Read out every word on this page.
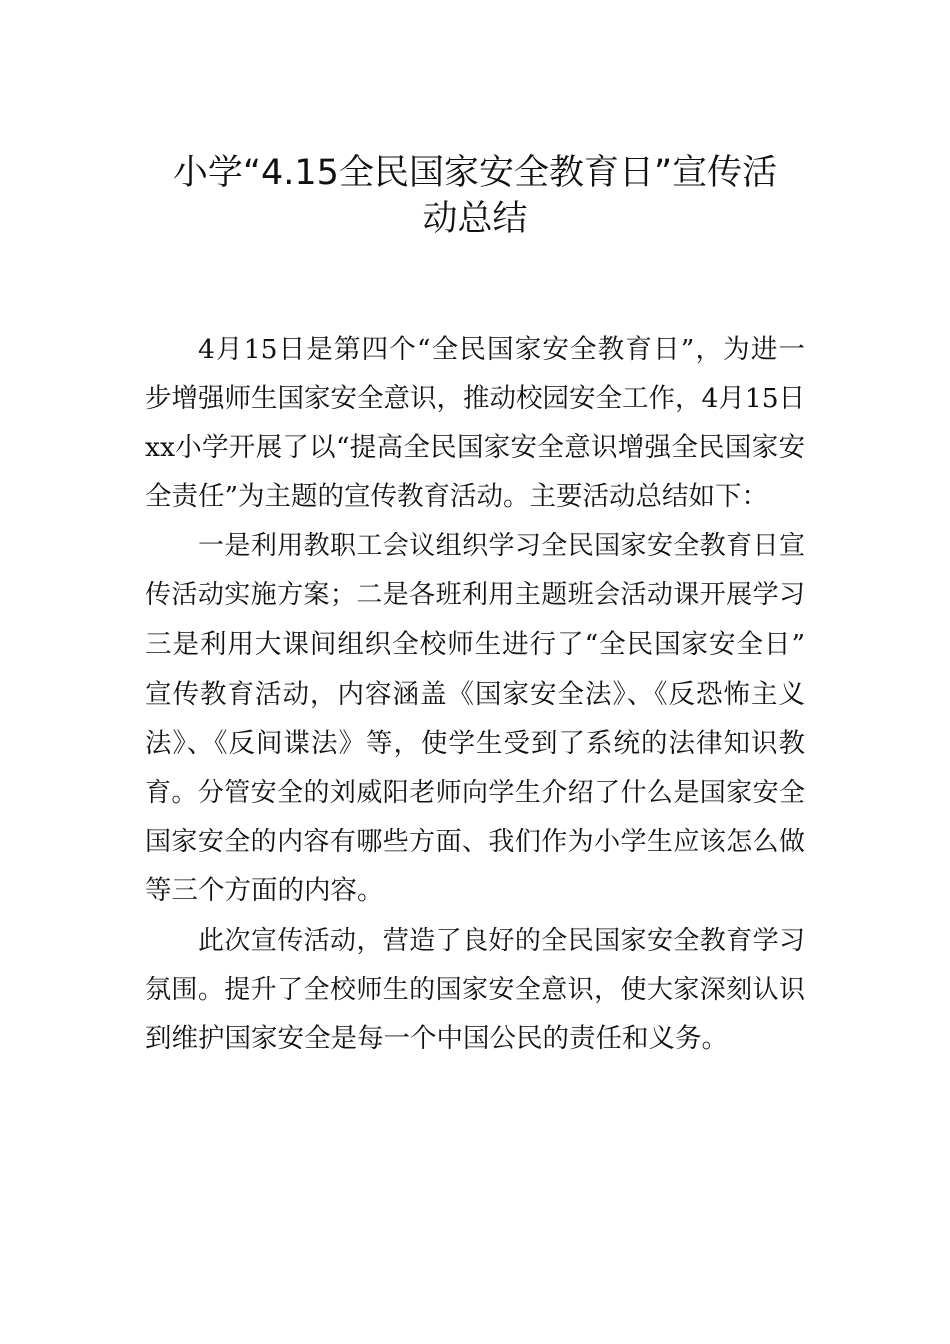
小学“4.15全民国家安全教育日”宣传活
动总结
4月15日是第四个“全民国家安全教育日”，为进一
步增强师生国家安全意识，推动校园安全工作，4月15日
xx小学开展了以“提高全民国家安全意识增强全民国家安
全责任”为主题的宣传教育活动。主要活动总结如下：
一是利用教职工会议组织学习全民国家安全教育日宣
传活动实施方案；二是各班利用主题班会活动课开展学习
三是利用大课间组织全校师生进行了“全民国家安全日”
宣传教育活动，内容涵盖《国家安全法》、《反恐怖主义
法》、《反间谍法》等，使学生受到了系统的法律知识教
育。分管安全的刘威阳老师向学生介绍了什么是国家安全
国家安全的内容有哪些方面、我们作为小学生应该怎么做
等三个方面的内容。
此次宣传活动，营造了良好的全民国家安全教育学习
氛围。提升了全校师生的国家安全意识，使大家深刻认识
到维护国家安全是每一个中国公民的责任和义务。
